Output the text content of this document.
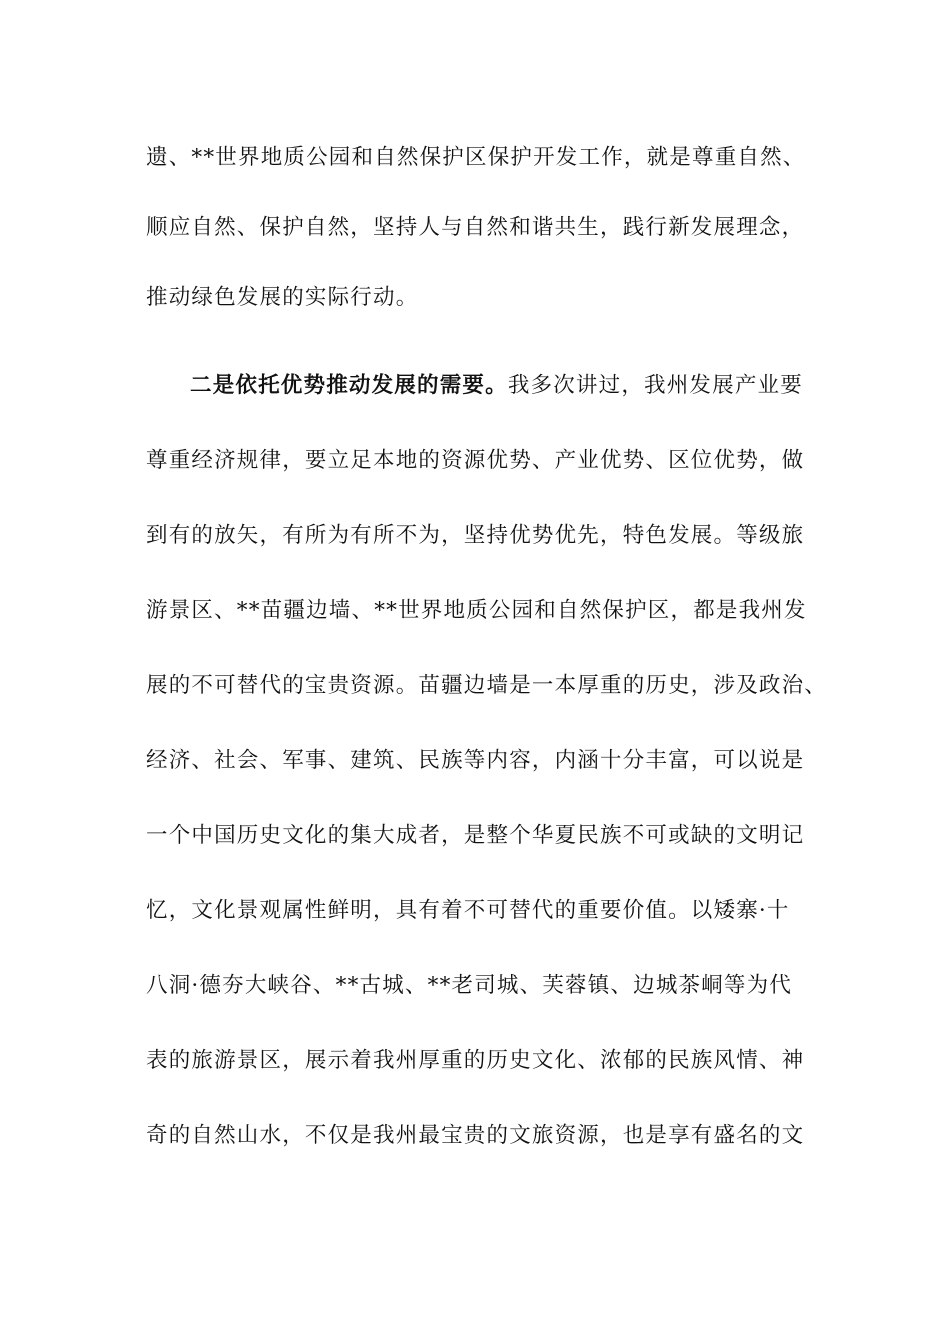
遗、**世界地质公园和自然保护区保护开发工作，就是尊重自然、
顺应自然、保护自然，坚持人与自然和谐共生，践行新发展理念，
推动绿色发展的实际行动。
二是依托优势推动发展的需要。我多次讲过，我州发展产业要
尊重经济规律，要立足本地的资源优势、产业优势、区位优势，做
到有的放矢，有所为有所不为，坚持优势优先，特色发展。等级旅
游景区、**苗疆边墙、**世界地质公园和自然保护区，都是我州发
展的不可替代的宝贵资源。苗疆边墙是一本厚重的历史，涉及政治、
经济、社会、军事、建筑、民族等内容，内涵十分丰富，可以说是
一个中国历史文化的集大成者，是整个华夏民族不可或缺的文明记
忆，文化景观属性鲜明，具有着不可替代的重要价值。以矮寨·十
八洞·德夯大峡谷、**古城、**老司城、芙蓉镇、边城茶峒等为代
表的旅游景区，展示着我州厚重的历史文化、浓郁的民族风情、神
奇的自然山水，不仅是我州最宝贵的文旅资源，也是享有盛名的文
